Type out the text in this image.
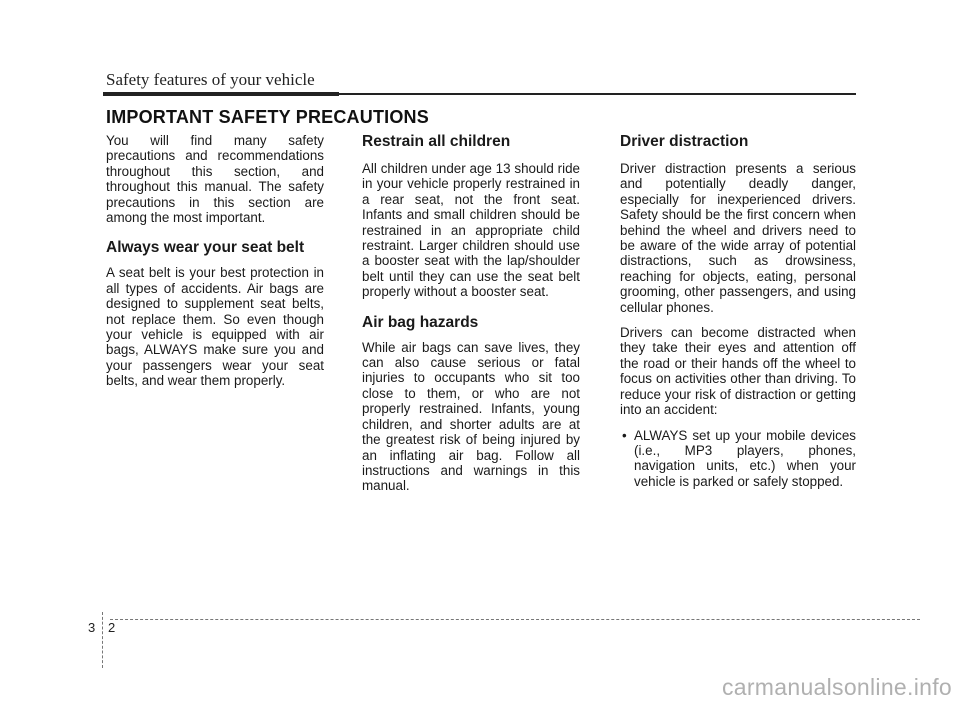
Safety features of your vehicle
IMPORTANT SAFETY PRECAUTIONS

You will find many safety precautions and recommendations throughout this section, and throughout this manual. The safety precautions in this section are among the most important.

Always wear your seat belt

A seat belt is your best protection in all types of accidents. Air bags are designed to supplement seat belts, not replace them. So even though your vehicle is equipped with air bags, ALWAYS make sure you and your passengers wear your seat belts, and wear them properly.

Restrain all children

All children under age 13 should ride in your vehicle properly restrained in a rear seat, not the front seat. Infants and small children should be restrained in an appropriate child restraint. Larger children should use a booster seat with the lap/shoulder belt until they can use the seat belt properly without a booster seat.

Air bag hazards

While air bags can save lives, they can also cause serious or fatal injuries to occupants who sit too close to them, or who are not properly restrained. Infants, young children, and shorter adults are at the greatest risk of being injured by an inflating air bag. Follow all instructions and warnings in this manual.

Driver distraction

Driver distraction presents a serious and potentially deadly danger, especially for inexperienced drivers. Safety should be the first concern when behind the wheel and drivers need to be aware of the wide array of potential distractions, such as drowsiness, reaching for objects, eating, personal grooming, other passengers, and using cellular phones.

Drivers can become distracted when they take their eyes and attention off the road or their hands off the wheel to focus on activities other than driving. To reduce your risk of distraction or getting into an accident:

• ALWAYS set up your mobile devices (i.e., MP3 players, phones, navigation units, etc.) when your vehicle is parked or safely stopped.
3 2
carmanualsonline.info
